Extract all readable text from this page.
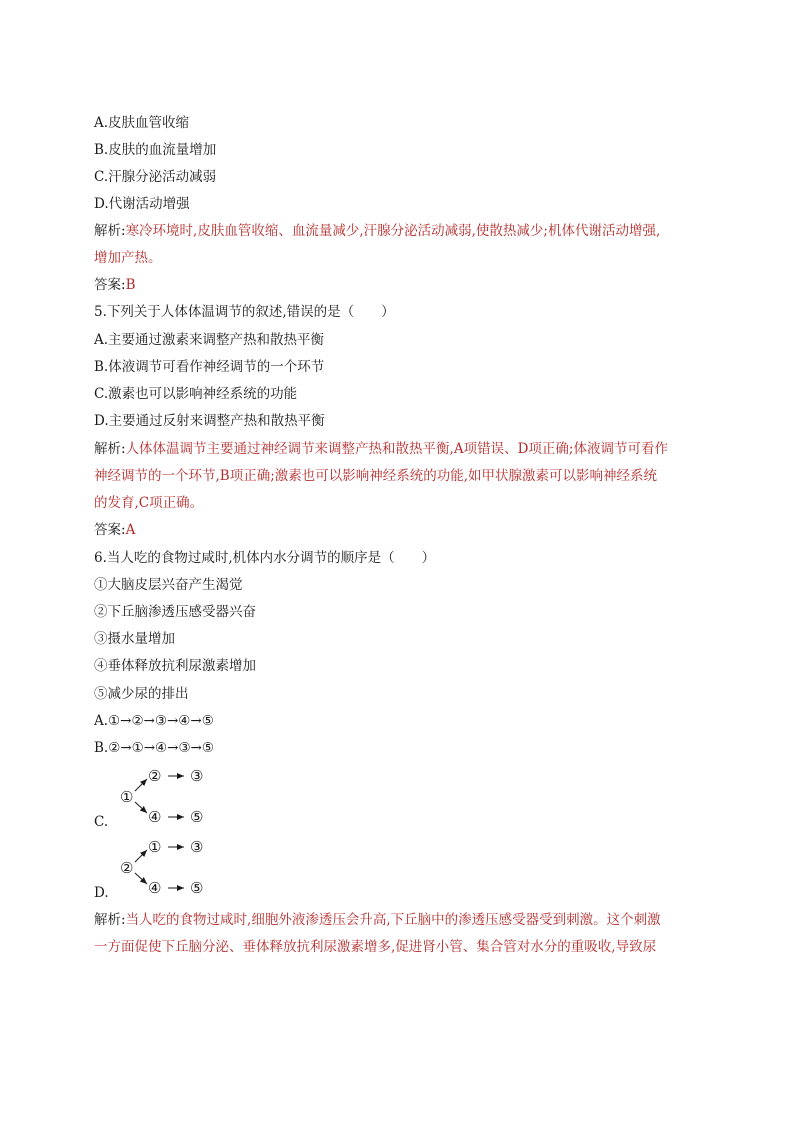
A.皮肤血管收缩
B.皮肤的血流量增加
C.汗腺分泌活动减弱
D.代谢活动增强
解析:寒冷环境时,皮肤血管收缩、血流量减少,汗腺分泌活动减弱,使散热减少;机体代谢活动增强,
增加产热。
答案:B
5.下列关于人体体温调节的叙述,错误的是（　　）
A.主要通过激素来调整产热和散热平衡
B.体液调节可看作神经调节的一个环节
C.激素也可以影响神经系统的功能
D.主要通过反射来调整产热和散热平衡
解析:人体体温调节主要通过神经调节来调整产热和散热平衡,A项错误、D项正确;体液调节可看作
神经调节的一个环节,B项正确;激素也可以影响神经系统的功能,如甲状腺激素可以影响神经系统
的发育,C项正确。
答案:A
6.当人吃的食物过咸时,机体内水分调节的顺序是（　　）
①大脑皮层兴奋产生渴觉
②下丘脑渗透压感受器兴奋
③摄水量增加
④垂体释放抗利尿激素增加
⑤减少尿的排出
A.①→②→③→④→⑤
B.②→①→④→③→⑤
C.
①
② ③
④ ⑤
D.
②
① ③
④ ⑤
解析:当人吃的食物过咸时,细胞外液渗透压会升高,下丘脑中的渗透压感受器受到刺激。这个刺激
一方面促使下丘脑分泌、垂体释放抗利尿激素增多,促进肾小管、集合管对水分的重吸收,导致尿
